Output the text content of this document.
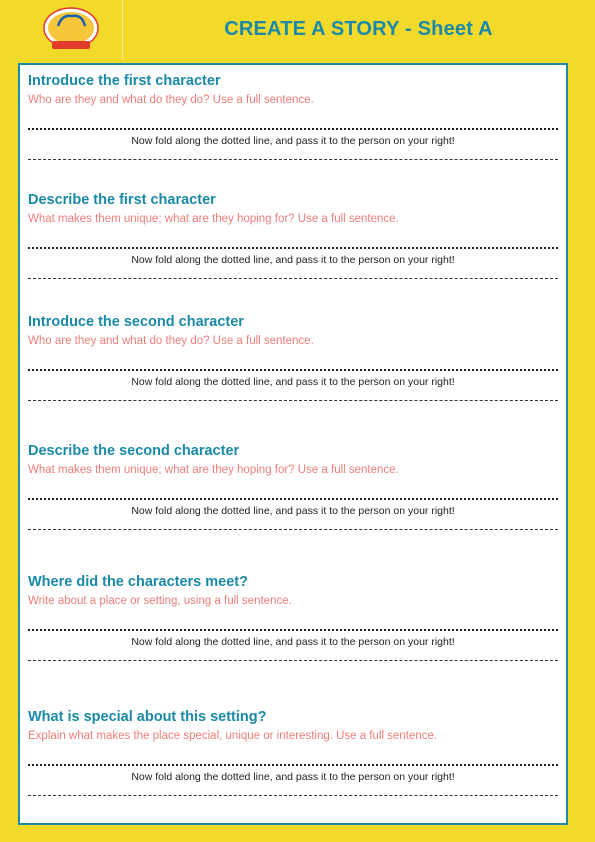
CREATE A STORY - Sheet A
Introduce the first character
Who are they and what do they do? Use a full sentence.
Now fold along the dotted line, and pass it to the person on your right!
Describe the first character
What makes them unique; what are they hoping for? Use a full sentence.
Now fold along the dotted line, and pass it to the person on your right!
Introduce the second character
Who are they and what do they do? Use a full sentence.
Now fold along the dotted line, and pass it to the person on your right!
Describe the second character
What makes them unique; what are they hoping for? Use a full sentence.
Now fold along the dotted line, and pass it to the person on your right!
Where did the characters meet?
Write about a place or setting, using a full sentence.
Now fold along the dotted line, and pass it to the person on your right!
What is special about this setting?
Explain what makes the place special, unique or interesting. Use a full sentence.
Now fold along the dotted line, and pass it to the person on your right!
